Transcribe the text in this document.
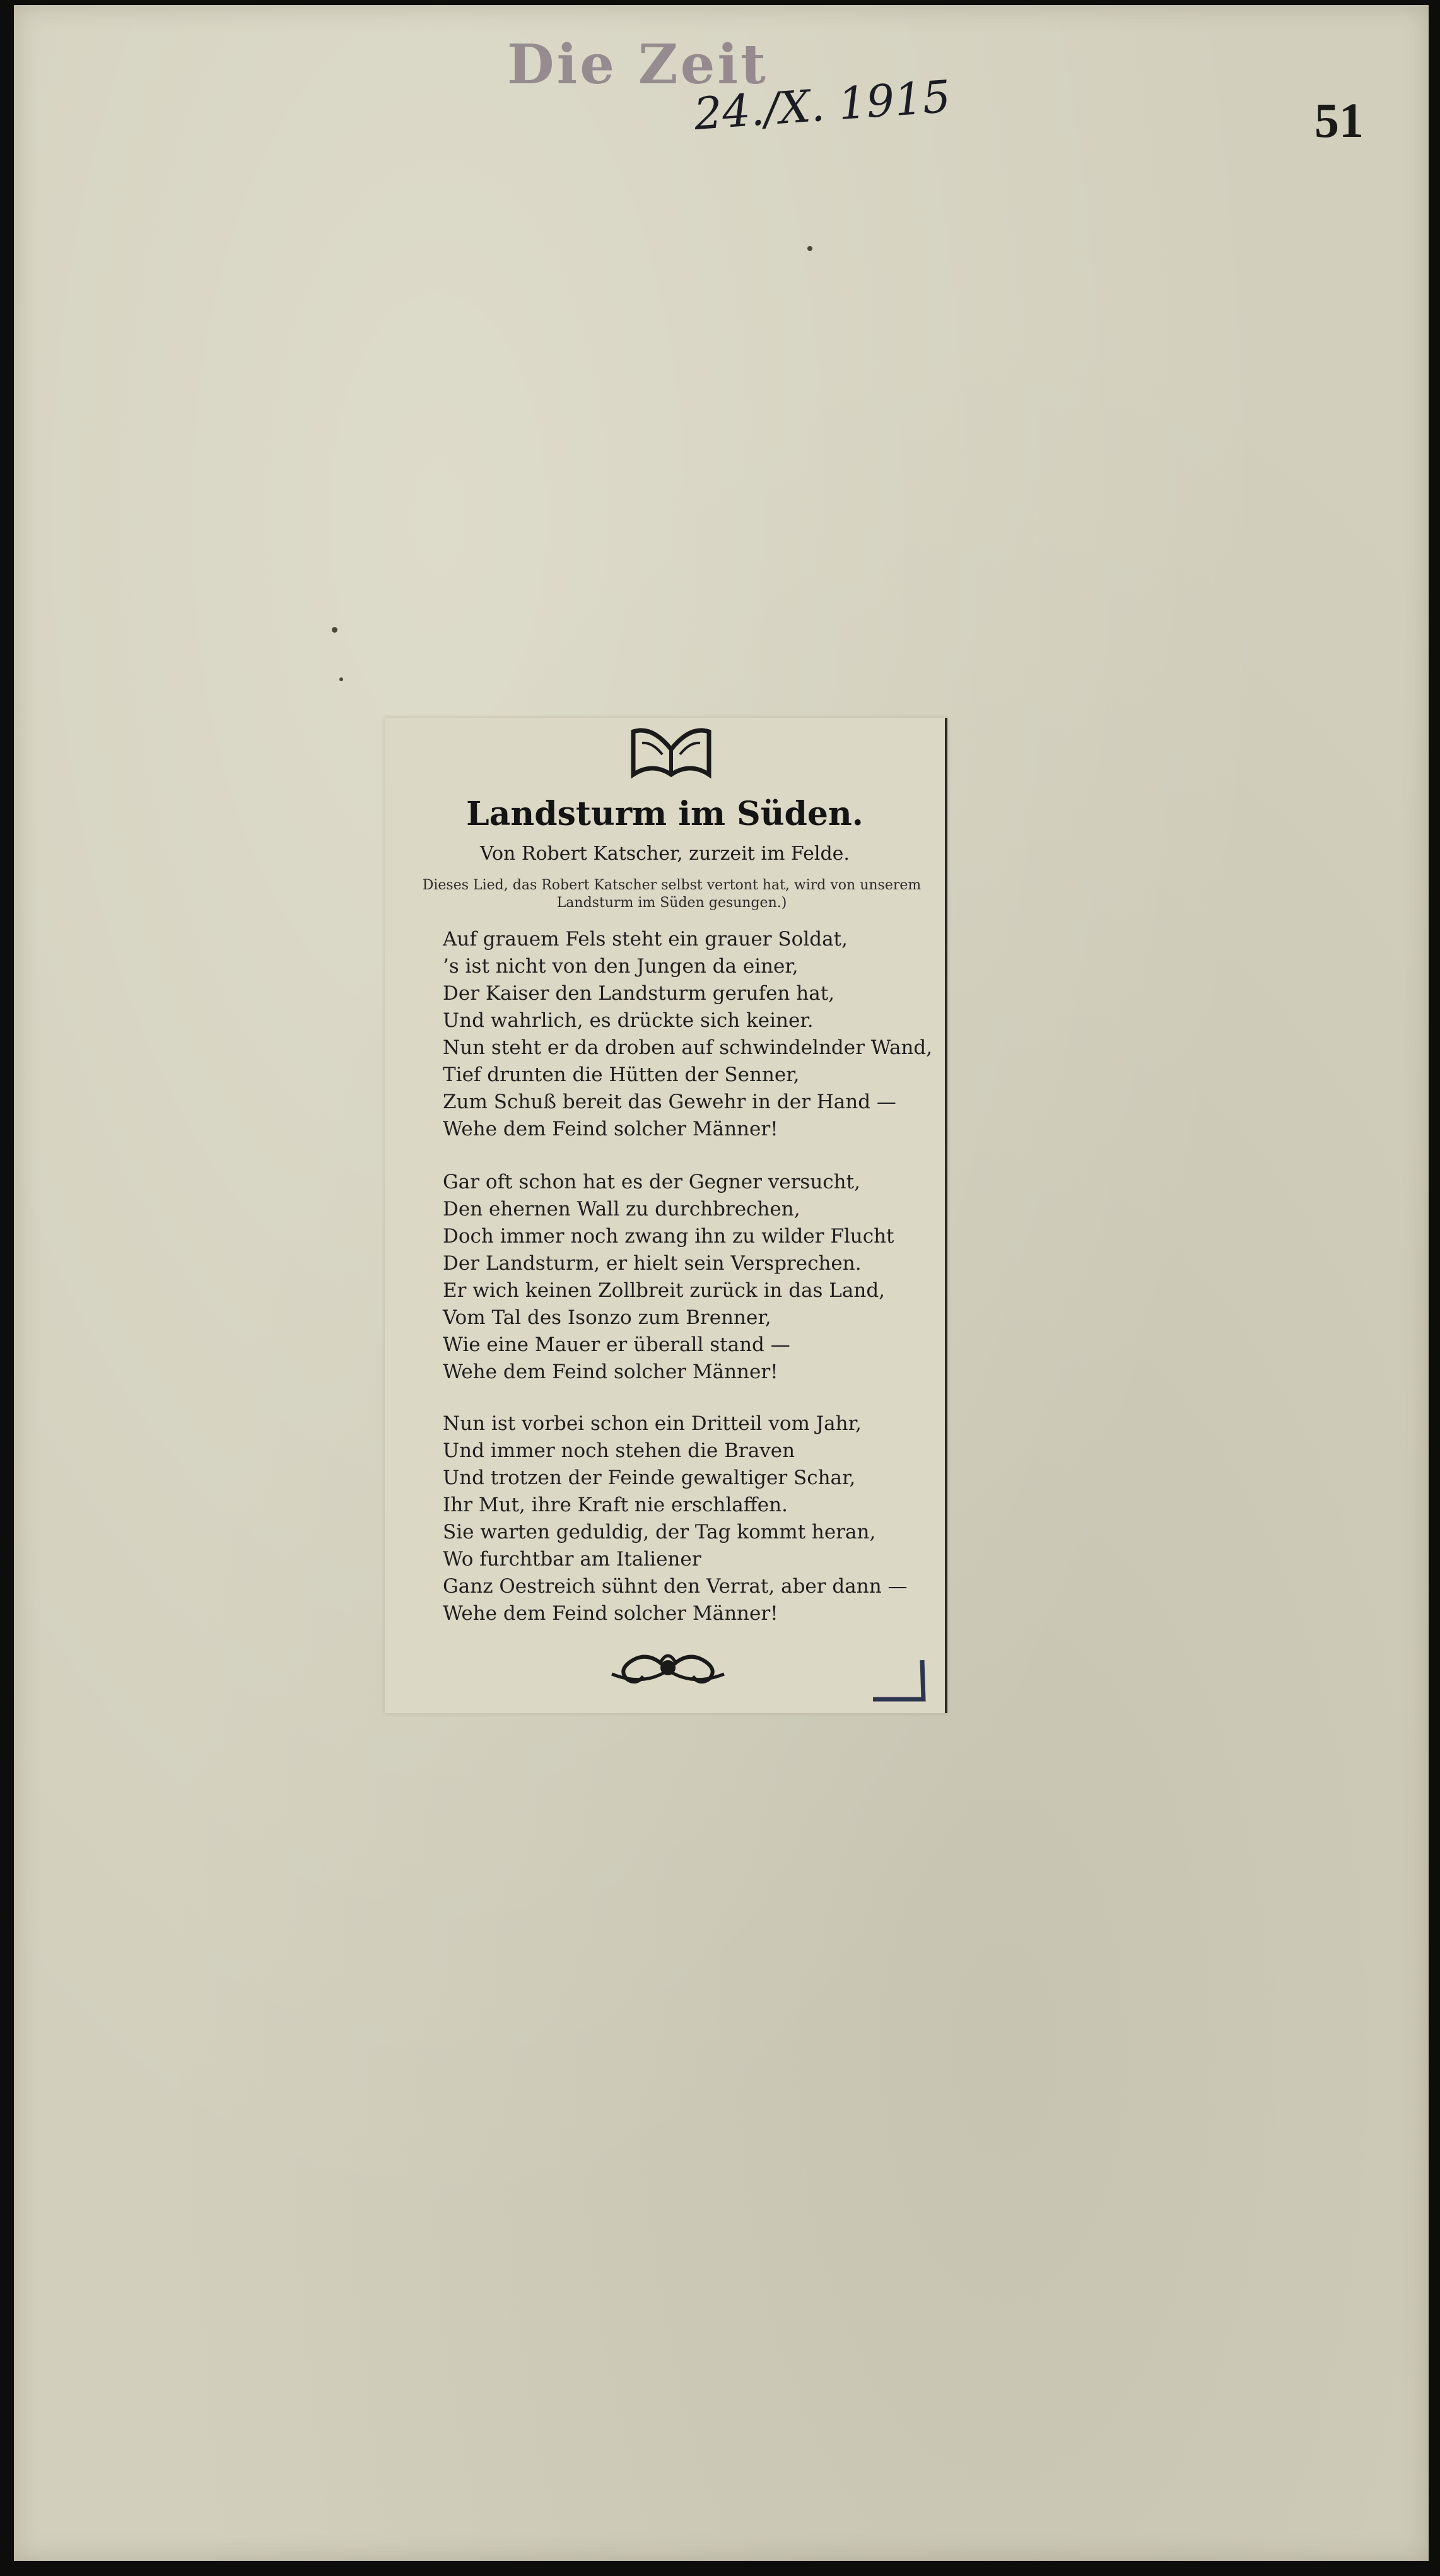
Die Zeit
24./X. 1915	51
Landsturm im Süden.
Von Robert Katscher, zurzeit im Felde.
Dieses Lied, das Robert Katscher selbst vertont hat, wird von unserem Landsturm im Süden gesungen.)
Auf grauem Fels steht ein grauer Soldat,
’s ist nicht von den Jungen da einer,
Der Kaiser den Landsturm gerufen hat,
Und wahrlich, es drückte sich keiner.
Nun steht er da droben auf schwindelnder Wand,
Tief drunten die Hütten der Senner,
Zum Schuß bereit das Gewehr in der Hand —
Wehe dem Feind solcher Männer!
Gar oft schon hat es der Gegner versucht,
Den ehernen Wall zu durchbrechen,
Doch immer noch zwang ihn zu wilder Flucht
Der Landsturm, er hielt sein Versprechen.
Er wich keinen Zollbreit zurück in das Land,
Vom Tal des Isonzo zum Brenner,
Wie eine Mauer er überall stand —
Wehe dem Feind solcher Männer!
Nun ist vorbei schon ein Dritteil vom Jahr,
Und immer noch stehen die Braven
Und trotzen der Feinde gewaltiger Schar,
Ihr Mut, ihre Kraft nie erschlaffen.
Sie warten geduldig, der Tag kommt heran,
Wo furchtbar am Italiener
Ganz Oestreich sühnt den Verrat, aber dann —
Wehe dem Feind solcher Männer!
